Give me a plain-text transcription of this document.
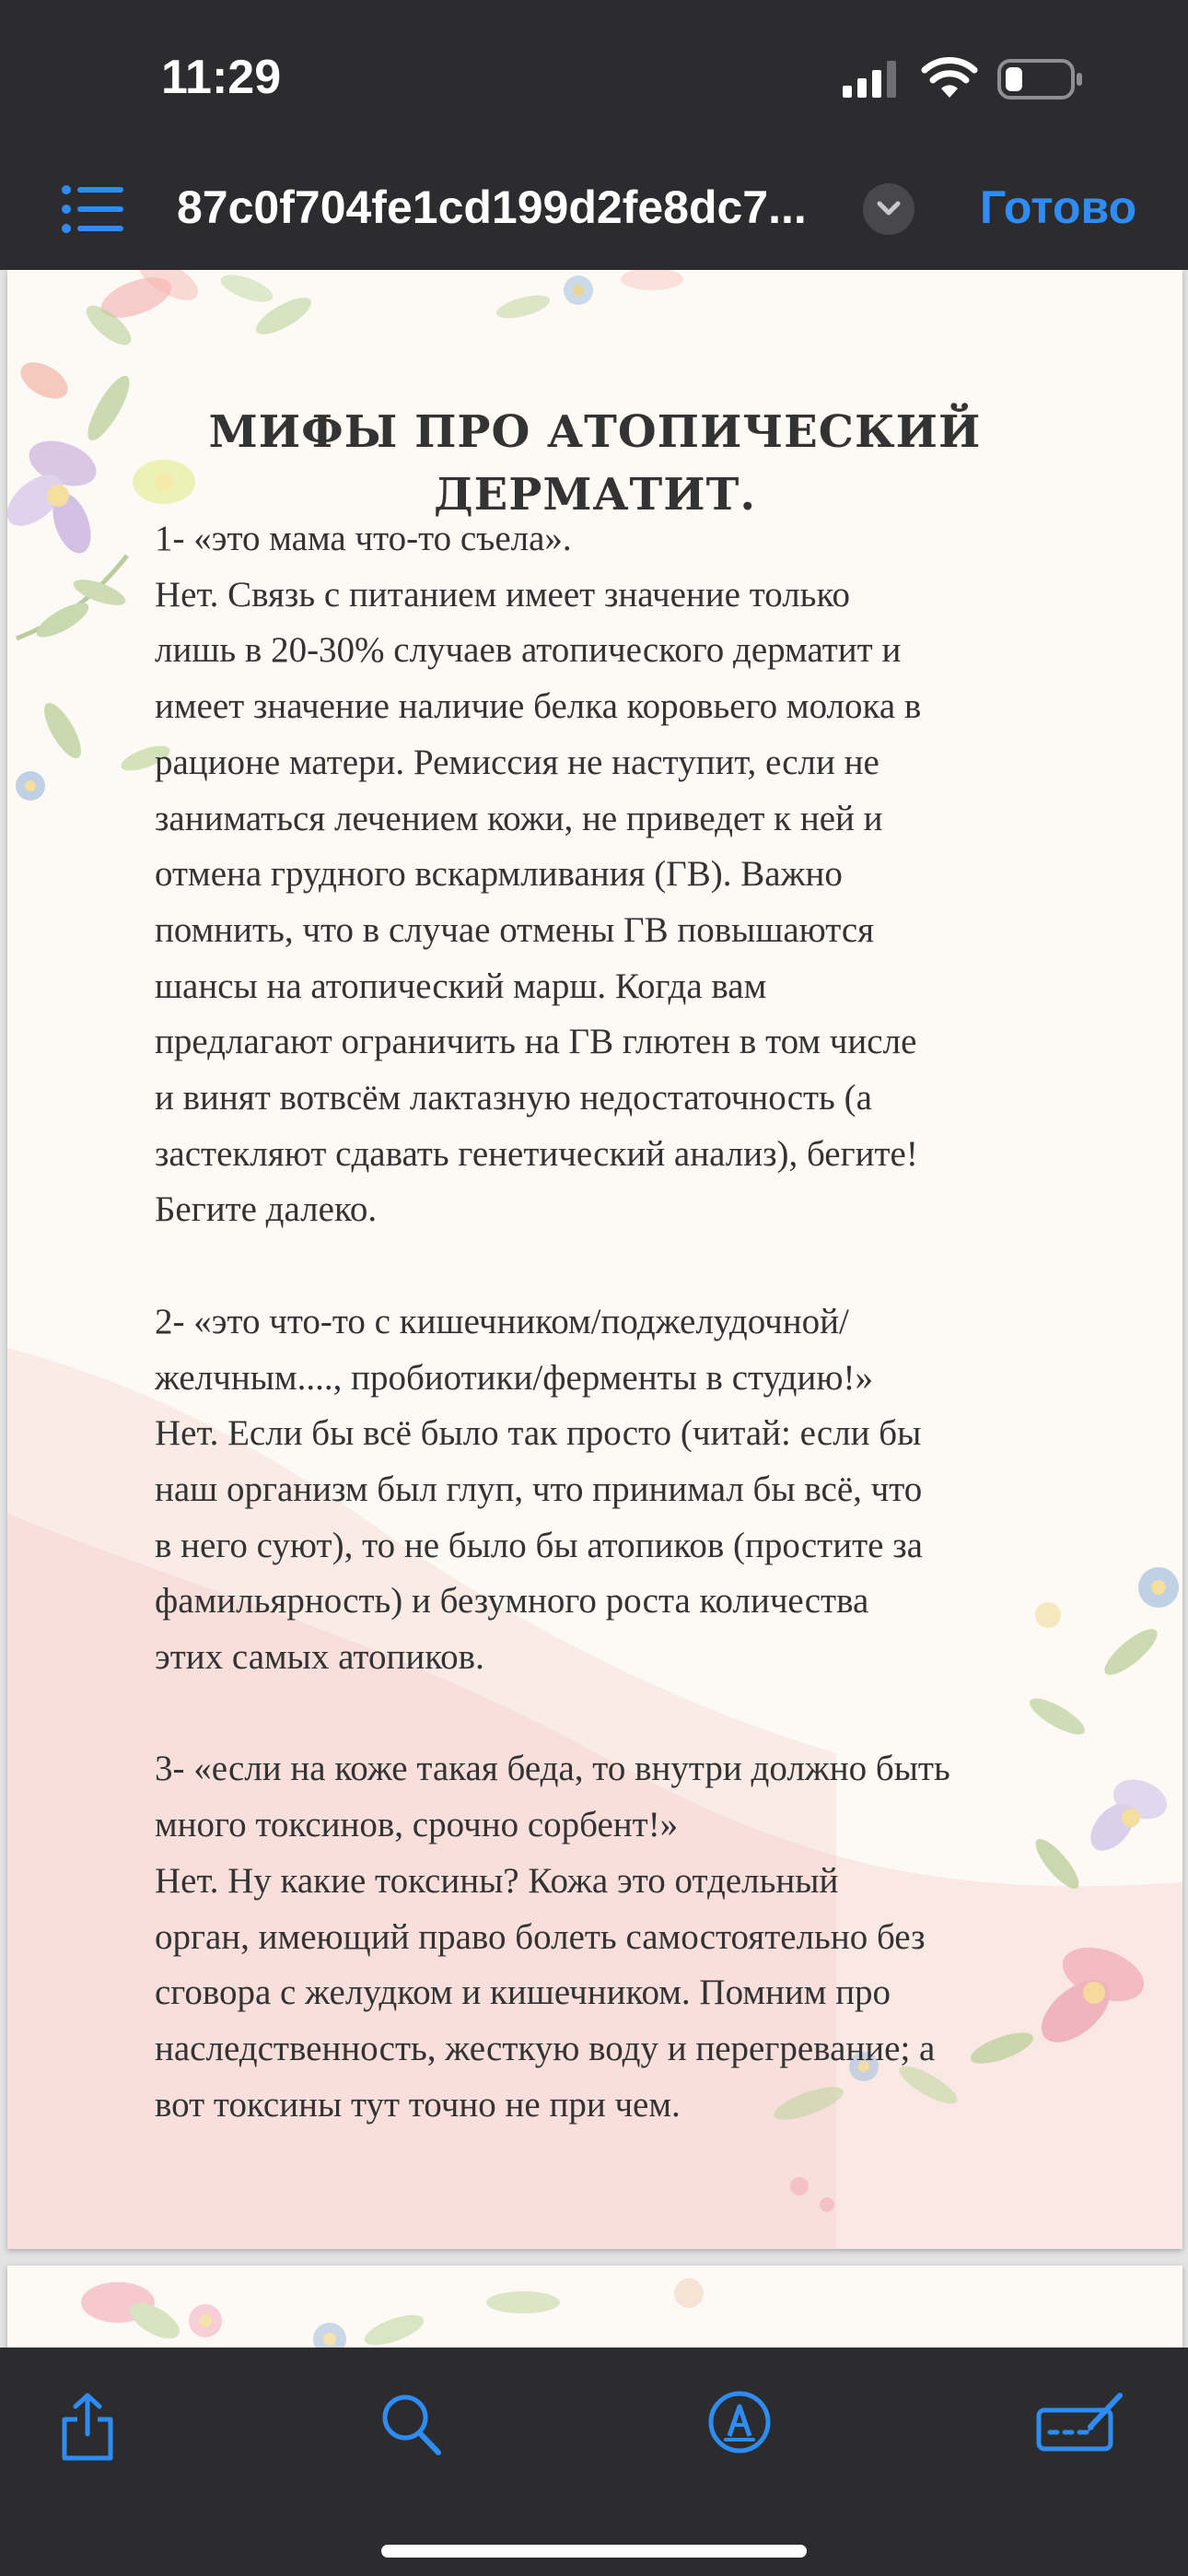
11:29
87c0f704fe1cd199d2fe8dc7...	Готово
МИФЫ ПРО АТОПИЧЕСКИЙ
ДЕРМАТИТ.

1- «это мама что-то съела».
Нет. Связь с питанием имеет значение только
лишь в 20-30% случаев атопического дерматит и
имеет значение наличие белка коровьего молока в
рационе матери. Ремиссия не наступит, если не
заниматься лечением кожи, не приведет к ней и
отмена грудного вскармливания (ГВ). Важно
помнить, что в случае отмены ГВ повышаются
шансы на атопический марш. Когда вам
предлагают ограничить на ГВ глютен в том числе
и винят вотвсём лактазную недостаточность (а
застекляют сдавать генетический анализ), бегите!
Бегите далеко.

2- «это что-то с кишечником/поджелудочной/
желчным...., пробиотики/ферменты в студию!»
Нет. Если бы всё было так просто (читай: если бы
наш организм был глуп, что принимал бы всё, что
в него суют), то не было бы атопиков (простите за
фамильярность) и безумного роста количества
этих самых атопиков.

3- «если на коже такая беда, то внутри должно быть
много токсинов, срочно сорбент!»
Нет. Ну какие токсины? Кожа это отдельный
орган, имеющий право болеть самостоятельно без
сговора с желудком и кишечником. Помним про
наследственность, жесткую воду и перегревание; а
вот токсины тут точно не при чем.
